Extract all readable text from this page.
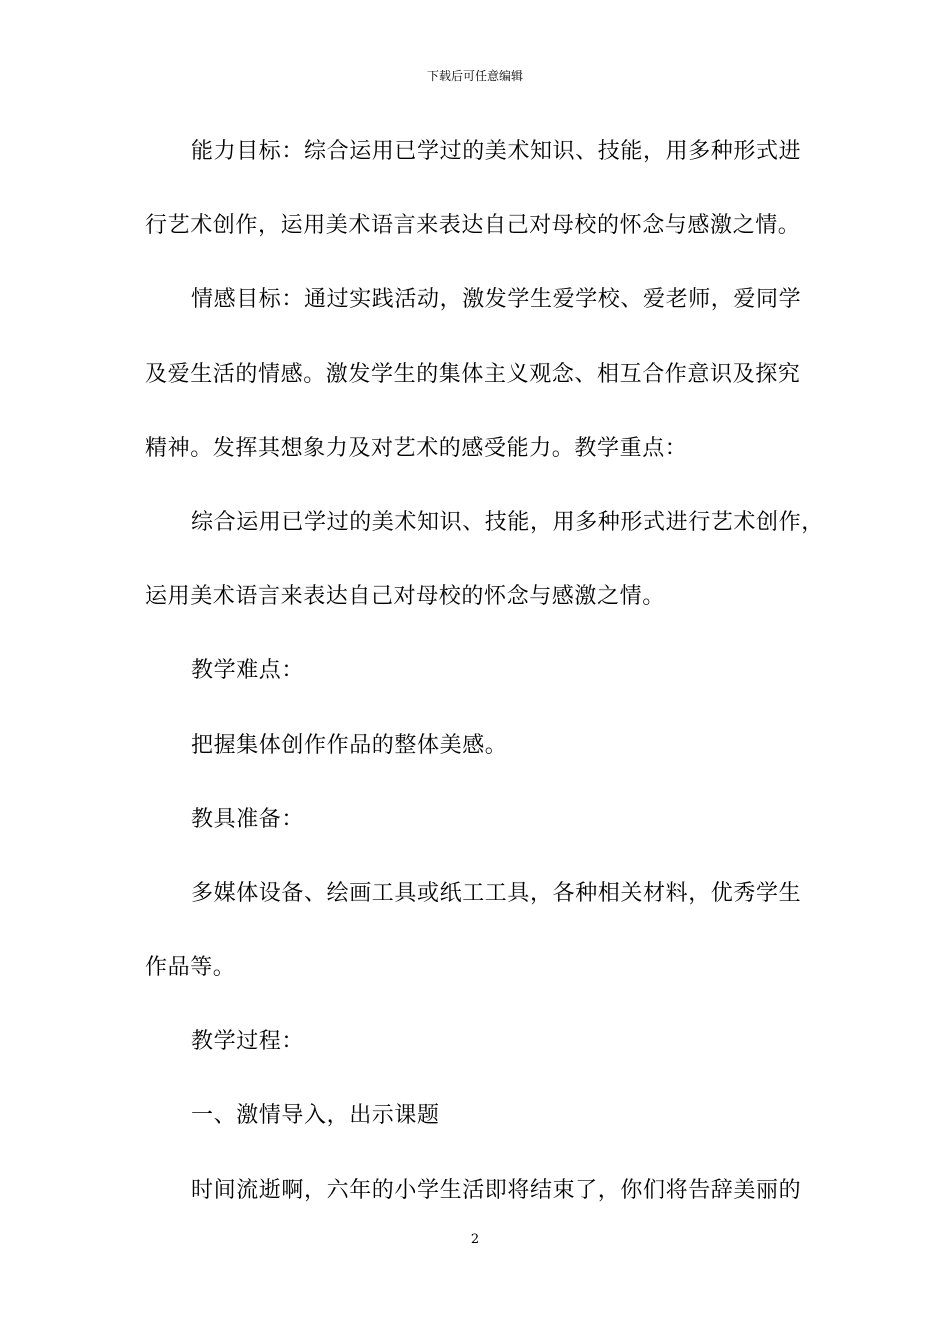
下载后可任意编辑
能力目标：综合运用已学过的美术知识、技能，用多种形式进
行艺术创作，运用美术语言来表达自己对母校的怀念与感激之情。
情感目标：通过实践活动，激发学生爱学校、爱老师，爱同学
及爱生活的情感。激发学生的集体主义观念、相互合作意识及探究
精神。发挥其想象力及对艺术的感受能力。教学重点：
综合运用已学过的美术知识、技能，用多种形式进行艺术创作，
运用美术语言来表达自己对母校的怀念与感激之情。
教学难点：
把握集体创作作品的整体美感。
教具准备：
多媒体设备、绘画工具或纸工工具，各种相关材料，优秀学生
作品等。
教学过程：
一、激情导入，出示课题
时间流逝啊，六年的小学生活即将结束了，你们将告辞美丽的
2
